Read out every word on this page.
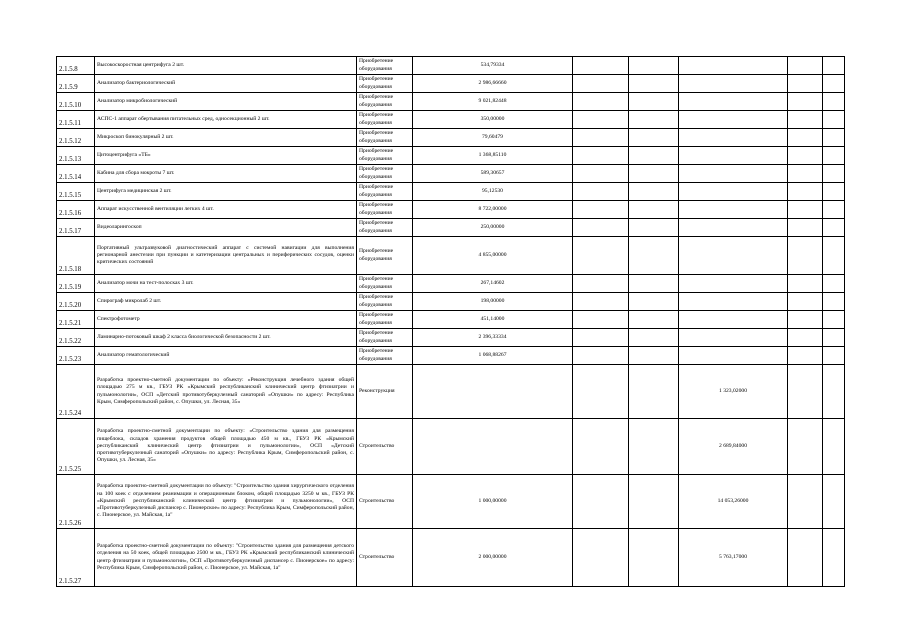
2.1.5.8	Высокоскоростная центрифуга 2 шт.	Приобретение оборудования	534,79334					
2.1.5.9	Анализатор бактериологический	Приобретение оборудования	2 986,66660					
2.1.5.10	Анализатор микробиологический	Приобретение оборудования	9 021,82448					
2.1.5.11	АСПС-1 аппарат обертывания питательных сред, односекционный 2 шт.	Приобретение оборудования	350,00000					
2.1.5.12	Микроскоп бинокулярный 2 шт.	Приобретение оборудования	79,60479					
2.1.5.13	Цитоцентрифуга «ТБ»	Приобретение оборудования	1 368,85110					
2.1.5.14	Кабина для сбора мокроты 7 шт.	Приобретение оборудования	589,30657					
2.1.5.15	Центрифуга медицинская 2 шт.	Приобретение оборудования	95,12530					
2.1.5.16	Аппарат искусственной вентиляции легких 4 шт.	Приобретение оборудования	8 722,00000					
2.1.5.17	Видеоларингоскоп	Приобретение оборудования	250,00000					
2.1.5.18	Портативный ультразвуковой диагностический аппарат с системой навигации для выполнения регионарной анестезии при пункции и катетеризации центральных и периферических сосудов, оценки критических состояний	Приобретение оборудования	4 855,00000					
2.1.5.19	Анализатор мочи на тест-полосках 3 шт.	Приобретение оборудования	267,14602					
2.1.5.20	Спирограф микролаб 2 шт.	Приобретение оборудования	198,00000					
2.1.5.21	Спектрофотометр	Приобретение оборудования	451,14000					
2.1.5.22	Ламинарно-потоковый шкаф 2 класса биологической безопасности 2 шт.	Приобретение оборудования	2 396,33334					
2.1.5.23	Анализатор гематологический	Приобретение оборудования	1 068,88267					
2.1.5.24	Разработка проектно-сметной документации по объекту: «Реконструкция лечебного здания общей площадью 275 м кв., ГБУЗ РК «Крымский республиканский клинический центр фтизиатрии и пульмонологии», ОСП «Детский противотуберкулезный санаторий «Опушки» по адресу: Республика Крым, Симферопольский район, с. Опушки, ул. Лесная, 35»	Реконструкция				1 323,02000		
2.1.5.25	Разработка проектно-сметной документации по объекту: «Строительство здания для размещения пищеблока, складов хранения продуктов общей площадью 450 м кв., ГБУЗ РК «Крымский республиканский клинический центр фтизиатрии и пульмонологии», ОСП «Детский противотуберкулезный санаторий «Опушки» по адресу: Республика Крым, Симферопольский район, с. Опушки, ул. Лесная, 35»	Строительство				2 689,84000		
2.1.5.26	Разработка проектно-сметной документации по объекту: "Строительство здания хирургического отделения на 100 коек с отделением реанимации и операционным блоком, общей площадью 3250 м кв., ГБУЗ РК «Крымский республиканский клинический центр фтизиатрии и пульмонологии», ОСП «Противотуберкулезный диспансер с. Пионерское» по адресу: Республика Крым, Симферопольский район, с. Пионерское, ул. Майская, 1а"	Строительство	1 000,00000			14 053,26000		
2.1.5.27	Разработка проектно-сметной документации по объекту: "Строительство здания для размещения детского отделения на 50 коек, общей площадью 2500 м кв., ГБУЗ РК «Крымский республиканский клинический центр фтизиатрии и пульмонологии», ОСП «Противотуберкулезный диспансер с. Пионерское» по адресу: Республика Крым, Симферопольский район, с. Пионерское, ул. Майская, 1а"	Строительство	2 000,00000			5 763,17000		
